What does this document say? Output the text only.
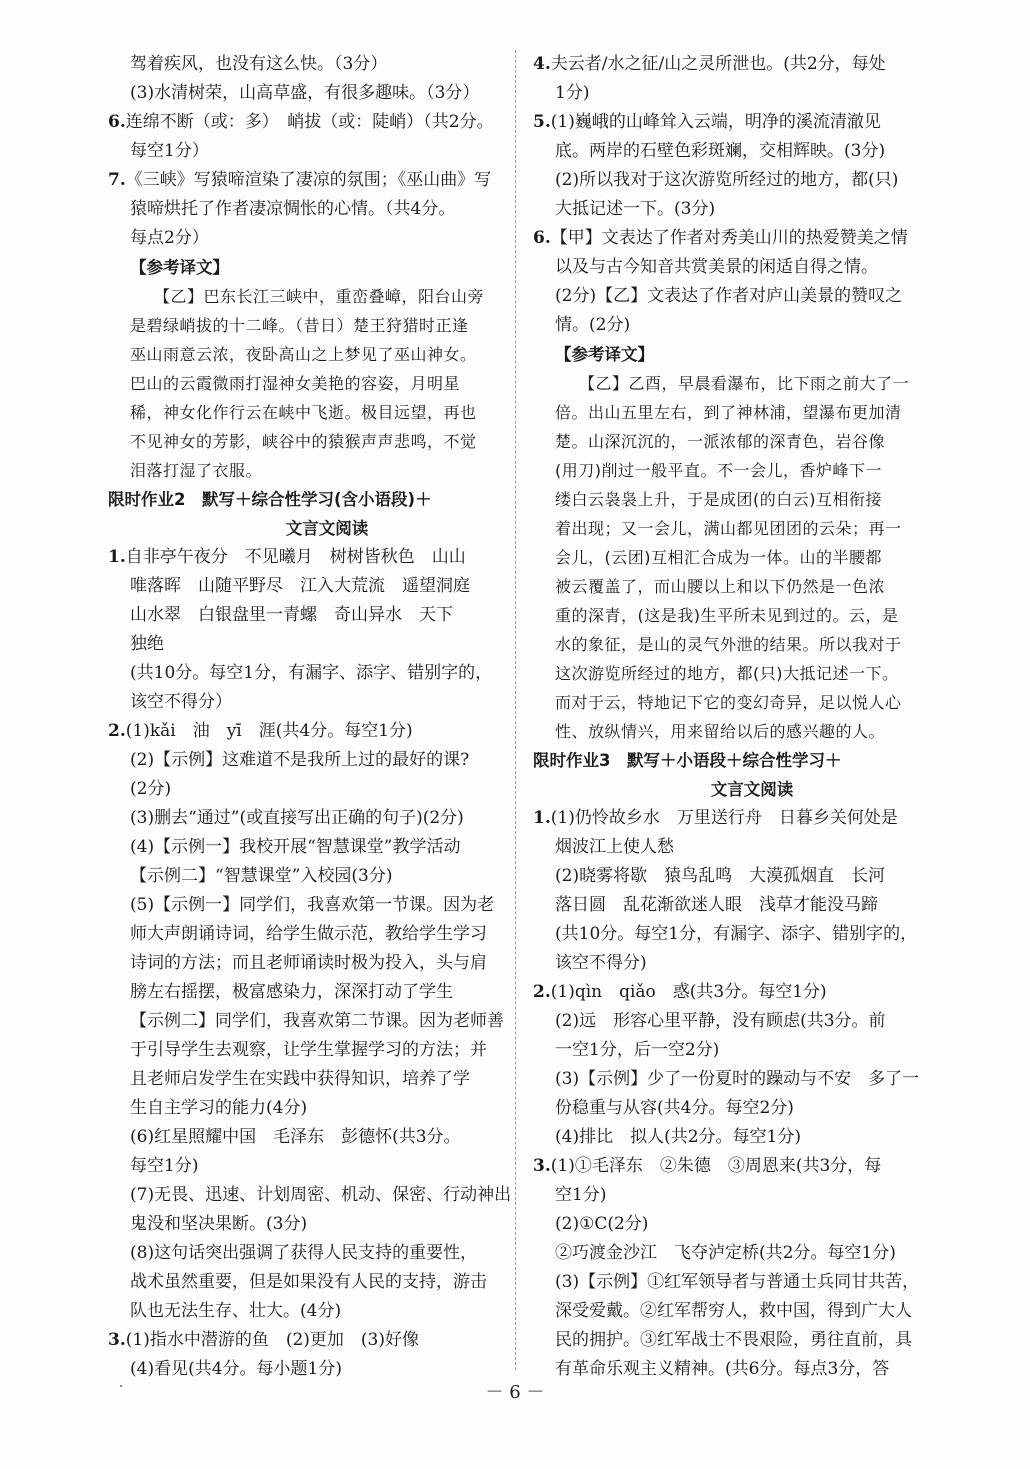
驾着疾风，也没有这么快。（3分）
(3)水清树荣，山高草盛，有很多趣味。（3分）
6.连绵不断（或：多）　峭拔（或：陡峭）（共2分。
每空1分）
7.《三峡》写猿啼渲染了凄凉的氛围；《巫山曲》写
猿啼烘托了作者凄凉惆怅的心情。（共4分。
每点2分）
【参考译文】
【乙】巴东长江三峡中，重峦叠嶂，阳台山旁
是碧绿峭拔的十二峰。（昔日）楚王狩猎时正逢
巫山雨意云浓，夜卧高山之上梦见了巫山神女。
巴山的云霞微雨打湿神女美艳的容姿，月明星
稀，神女化作行云在峡中飞逝。极目远望，再也
不见神女的芳影，峡谷中的猿猴声声悲鸣，不觉
泪落打湿了衣服。
限时作业2　默写＋综合性学习(含小语段)＋
文言文阅读
1.自非亭午夜分　不见曦月　树树皆秋色　山山
唯落晖　山随平野尽　江入大荒流　遥望洞庭
山水翠　白银盘里一青螺　奇山异水　天下
独绝
(共10分。每空1分，有漏字、添字、错别字的，
该空不得分）
2.(1)kǎi　油　yī　涯(共4分。每空1分)
(2)【示例】这难道不是我所上过的最好的课?
(2分)
(3)删去“通过”(或直接写出正确的句子)(2分)
(4)【示例一】我校开展“智慧课堂”教学活动
【示例二】“智慧课堂”入校园(3分)
(5)【示例一】同学们，我喜欢第一节课。因为老
师大声朗诵诗词，给学生做示范，教给学生学习
诗词的方法；而且老师诵读时极为投入，头与肩
膀左右摇摆，极富感染力，深深打动了学生
【示例二】同学们，我喜欢第二节课。因为老师善
于引导学生去观察，让学生掌握学习的方法；并
且老师启发学生在实践中获得知识，培养了学
生自主学习的能力(4分)
(6)红星照耀中国　毛泽东　彭德怀(共3分。
每空1分)
(7)无畏、迅速、计划周密、机动、保密、行动神出
鬼没和坚决果断。(3分)
(8)这句话突出强调了获得人民支持的重要性，
战术虽然重要，但是如果没有人民的支持，游击
队也无法生存、壮大。(4分)
3.(1)指水中潜游的鱼　(2)更加　(3)好像
(4)看见(共4分。每小题1分)
4.夫云者/水之征/山之灵所泄也。(共2分，每处
1分)
5.(1)巍峨的山峰耸入云端，明净的溪流清澈见
底。两岸的石壁色彩斑斓，交相辉映。(3分)
(2)所以我对于这次游览所经过的地方，都(只)
大抵记述一下。(3分)
6.【甲】文表达了作者对秀美山川的热爱赞美之情
以及与古今知音共赏美景的闲适自得之情。
(2分)【乙】文表达了作者对庐山美景的赞叹之
情。(2分)
【参考译文】
【乙】乙酉，早晨看瀑布，比下雨之前大了一
倍。出山五里左右，到了神林浦，望瀑布更加清
楚。山深沉沉的，一派浓郁的深青色，岩谷像
(用刀)削过一般平直。不一会儿，香炉峰下一
缕白云袅袅上升，于是成团(的白云)互相衔接
着出现；又一会儿，满山都见团团的云朵；再一
会儿，(云团)互相汇合成为一体。山的半腰都
被云覆盖了，而山腰以上和以下仍然是一色浓
重的深青，(这是我)生平所未见到过的。云，是
水的象征，是山的灵气外泄的结果。所以我对于
这次游览所经过的地方，都(只)大抵记述一下。
而对于云，特地记下它的变幻奇异，足以悦人心
性、放纵情兴，用来留给以后的感兴趣的人。
限时作业3　默写＋小语段＋综合性学习＋
文言文阅读
1.(1)仍怜故乡水　万里送行舟　日暮乡关何处是
烟波江上使人愁
(2)晓雾将歇　猿鸟乱鸣　大漠孤烟直　长河
落日圆　乱花渐欲迷人眼　浅草才能没马蹄
(共10分。每空1分，有漏字、添字、错别字的，
该空不得分)
2.(1)qìn　qiǎo　惑(共3分。每空1分)
(2)远　形容心里平静，没有顾虑(共3分。前
一空1分，后一空2分)
(3)【示例】少了一份夏时的躁动与不安　多了一
份稳重与从容(共4分。每空2分)
(4)排比　拟人(共2分。每空1分)
3.(1)①毛泽东　②朱德　③周恩来(共3分，每
空1分)
(2)①C(2分)
②巧渡金沙江　飞夺泸定桥(共2分。每空1分)
(3)【示例】①红军领导者与普通士兵同甘共苦，
深受爱戴。②红军帮穷人，救中国，得到广大人
民的拥护。③红军战士不畏艰险，勇往直前，具
有革命乐观主义精神。(共6分。每点3分，答
－ 6 －
